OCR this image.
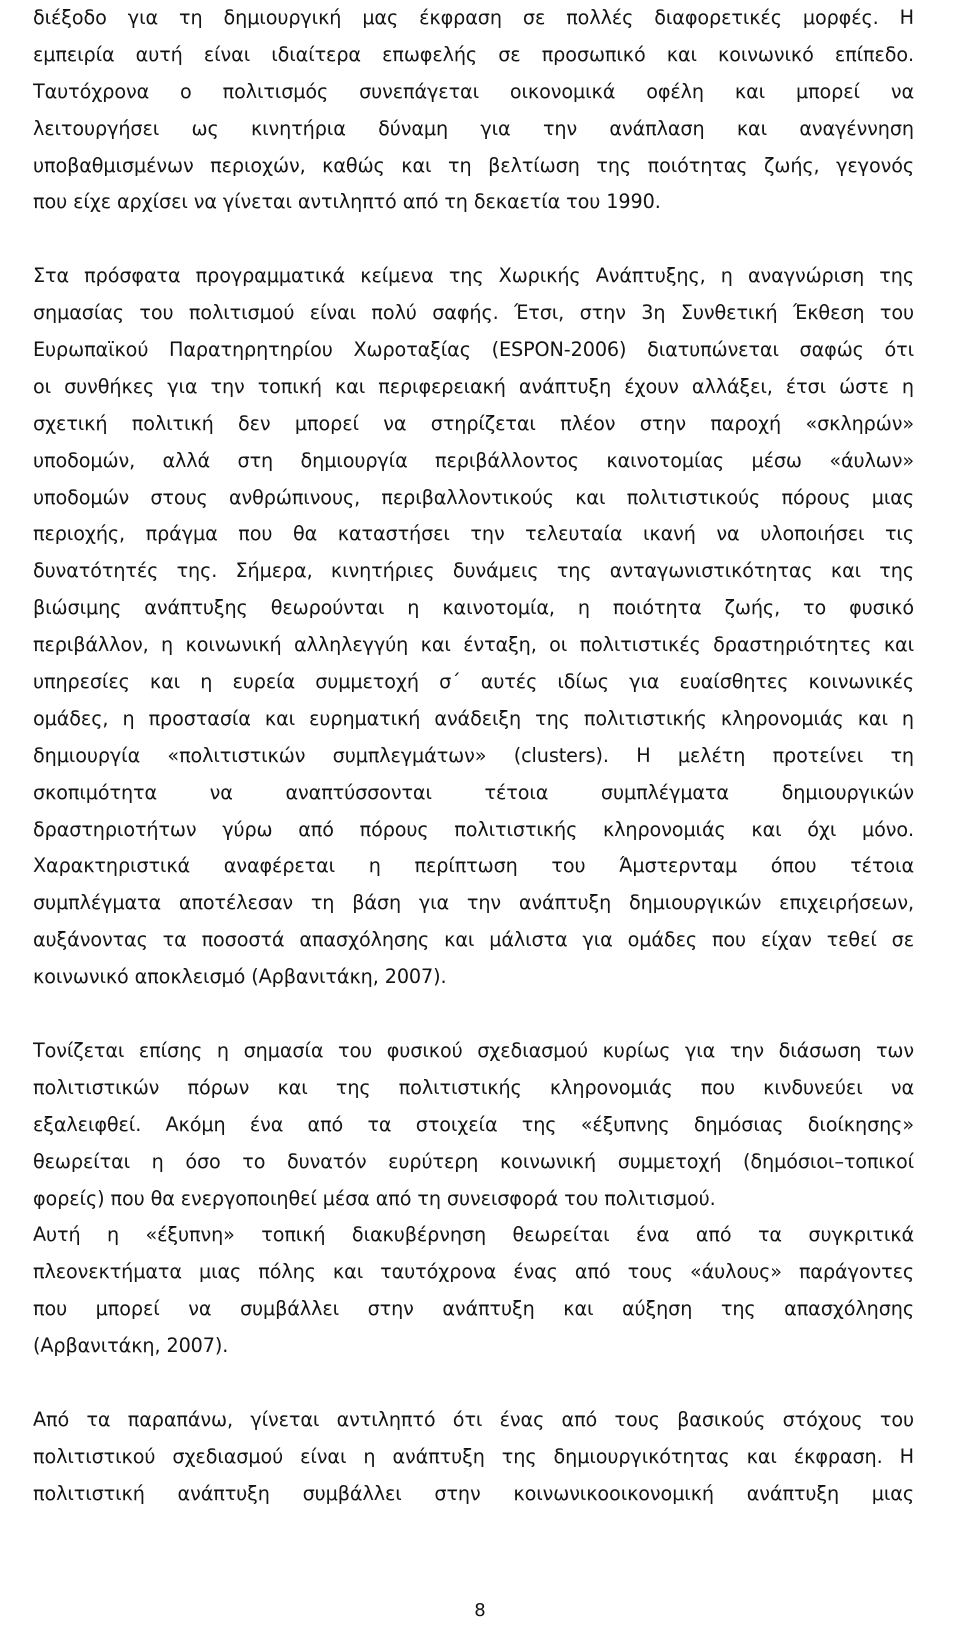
διέξοδο για τη δημιουργική μας έκφραση σε πολλές διαφορετικές μορφές. Η
εμπειρία αυτή είναι ιδιαίτερα επωφελής σε προσωπικό και κοινωνικό επίπεδο.
Ταυτόχρονα ο πολιτισμός συνεπάγεται οικονομικά οφέλη και μπορεί να
λειτουργήσει ως κινητήρια δύναμη για την ανάπλαση και αναγέννηση
υποβαθμισμένων περιοχών, καθώς και τη βελτίωση της ποιότητας ζωής, γεγονός
που είχε αρχίσει να γίνεται αντιληπτό από τη δεκαετία του 1990.
Στα πρόσφατα προγραμματικά κείμενα της Χωρικής Ανάπτυξης, η αναγνώριση της
σημασίας του πολιτισμού είναι πολύ σαφής. Έτσι, στην 3η Συνθετική Έκθεση του
Ευρωπαϊκού Παρατηρητηρίου Χωροταξίας (ESPON-2006) διατυπώνεται σαφώς ότι
οι συνθήκες για την τοπική και περιφερειακή ανάπτυξη έχουν αλλάξει, έτσι ώστε η
σχετική πολιτική δεν μπορεί να στηρίζεται πλέον στην παροχή «σκληρών»
υποδομών, αλλά στη δημιουργία περιβάλλοντος καινοτομίας μέσω «άυλων»
υποδομών στους ανθρώπινους, περιβαλλοντικούς και πολιτιστικούς πόρους μιας
περιοχής, πράγμα που θα καταστήσει την τελευταία ικανή να υλοποιήσει τις
δυνατότητές της. Σήμερα, κινητήριες δυνάμεις της ανταγωνιστικότητας και της
βιώσιμης ανάπτυξης θεωρούνται η καινοτομία, η ποιότητα ζωής, το φυσικό
περιβάλλον, η κοινωνική αλληλεγγύη και ένταξη, οι πολιτιστικές δραστηριότητες και
υπηρεσίες και η ευρεία συμμετοχή σ΄ αυτές ιδίως για ευαίσθητες κοινωνικές
ομάδες, η προστασία και ευρηματική ανάδειξη της πολιτιστικής κληρονομιάς και η
δημιουργία «πολιτιστικών συμπλεγμάτων» (clusters). Η μελέτη προτείνει τη
σκοπιμότητα να αναπτύσσονται τέτοια συμπλέγματα δημιουργικών
δραστηριοτήτων γύρω από πόρους πολιτιστικής κληρονομιάς και όχι μόνο.
Χαρακτηριστικά αναφέρεται η περίπτωση του Άμστερνταμ όπου τέτοια
συμπλέγματα αποτέλεσαν τη βάση για την ανάπτυξη δημιουργικών επιχειρήσεων,
αυξάνοντας τα ποσοστά απασχόλησης και μάλιστα για ομάδες που είχαν τεθεί σε
κοινωνικό αποκλεισμό (Αρβανιτάκη, 2007).
Τονίζεται επίσης η σημασία του φυσικού σχεδιασμού κυρίως για την διάσωση των
πολιτιστικών πόρων και της πολιτιστικής κληρονομιάς που κινδυνεύει να
εξαλειφθεί. Ακόμη ένα από τα στοιχεία της «έξυπνης δημόσιας διοίκησης»
θεωρείται η όσο το δυνατόν ευρύτερη κοινωνική συμμετοχή (δημόσιοι–τοπικοί
φορείς) που θα ενεργοποιηθεί μέσα από τη συνεισφορά του πολιτισμού.
Αυτή η «έξυπνη» τοπική διακυβέρνηση θεωρείται ένα από τα συγκριτικά
πλεονεκτήματα μιας πόλης και ταυτόχρονα ένας από τους «άυλους» παράγοντες
που μπορεί να συμβάλλει στην ανάπτυξη και αύξηση της απασχόλησης
(Αρβανιτάκη, 2007).
Από τα παραπάνω, γίνεται αντιληπτό ότι ένας από τους βασικούς στόχους του
πολιτιστικού σχεδιασμού είναι η ανάπτυξη της δημιουργικότητας και έκφραση. Η
πολιτιστική ανάπτυξη συμβάλλει στην κοινωνικοοικονομική ανάπτυξη μιας
8
